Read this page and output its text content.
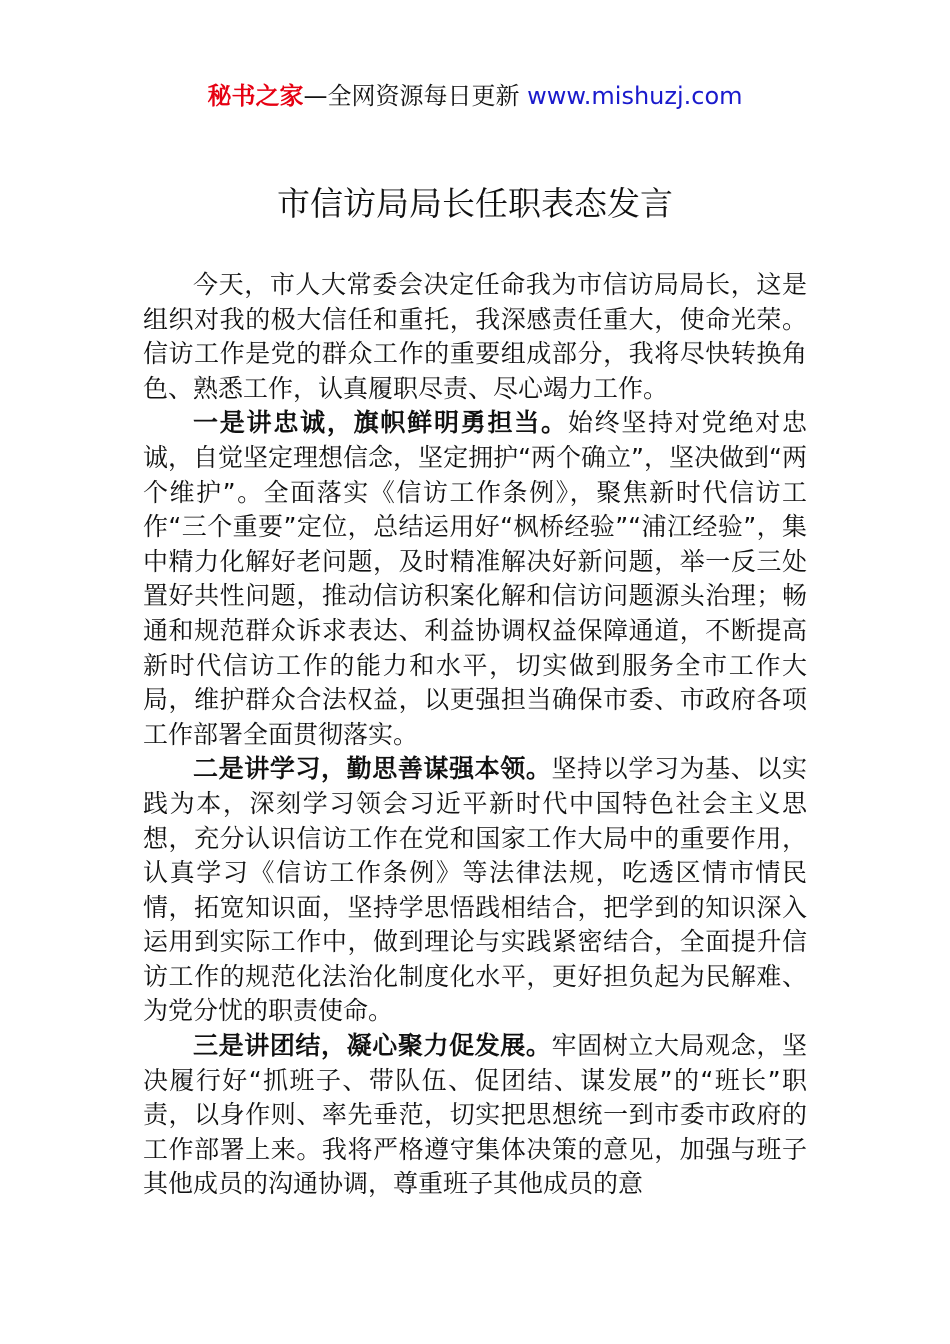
秘书之家—全网资源每日更新 www.mishuzj.com
市信访局局长任职表态发言

今天，市人大常委会决定任命我为市信访局局长，这是组织对我的极大信任和重托，我深感责任重大，使命光荣。信访工作是党的群众工作的重要组成部分，我将尽快转换角色、熟悉工作，认真履职尽责、尽心竭力工作。

一是讲忠诚，旗帜鲜明勇担当。始终坚持对党绝对忠诚，自觉坚定理想信念，坚定拥护“两个确立”，坚决做到“两个维护”。全面落实《信访工作条例》，聚焦新时代信访工作“三个重要”定位，总结运用好“枫桥经验”“浦江经验”，集中精力化解好老问题，及时精准解决好新问题，举一反三处置好共性问题，推动信访积案化解和信访问题源头治理；畅通和规范群众诉求表达、利益协调权益保障通道，不断提高新时代信访工作的能力和水平，切实做到服务全市工作大局，维护群众合法权益，以更强担当确保市委、市政府各项工作部署全面贯彻落实。

二是讲学习，勤思善谋强本领。坚持以学习为基、以实践为本，深刻学习领会习近平新时代中国特色社会主义思想，充分认识信访工作在党和国家工作大局中的重要作用，认真学习《信访工作条例》等法律法规，吃透区情市情民情，拓宽知识面，坚持学思悟践相结合，把学到的知识深入运用到实际工作中，做到理论与实践紧密结合，全面提升信访工作的规范化法治化制度化水平，更好担负起为民解难、为党分忧的职责使命。

三是讲团结，凝心聚力促发展。牢固树立大局观念，坚决履行好“抓班子、带队伍、促团结、谋发展”的“班长”职责，以身作则、率先垂范，切实把思想统一到市委市政府的工作部署上来。我将严格遵守集体决策的意见，加强与班子其他成员的沟通协调，尊重班子其他成员的意
